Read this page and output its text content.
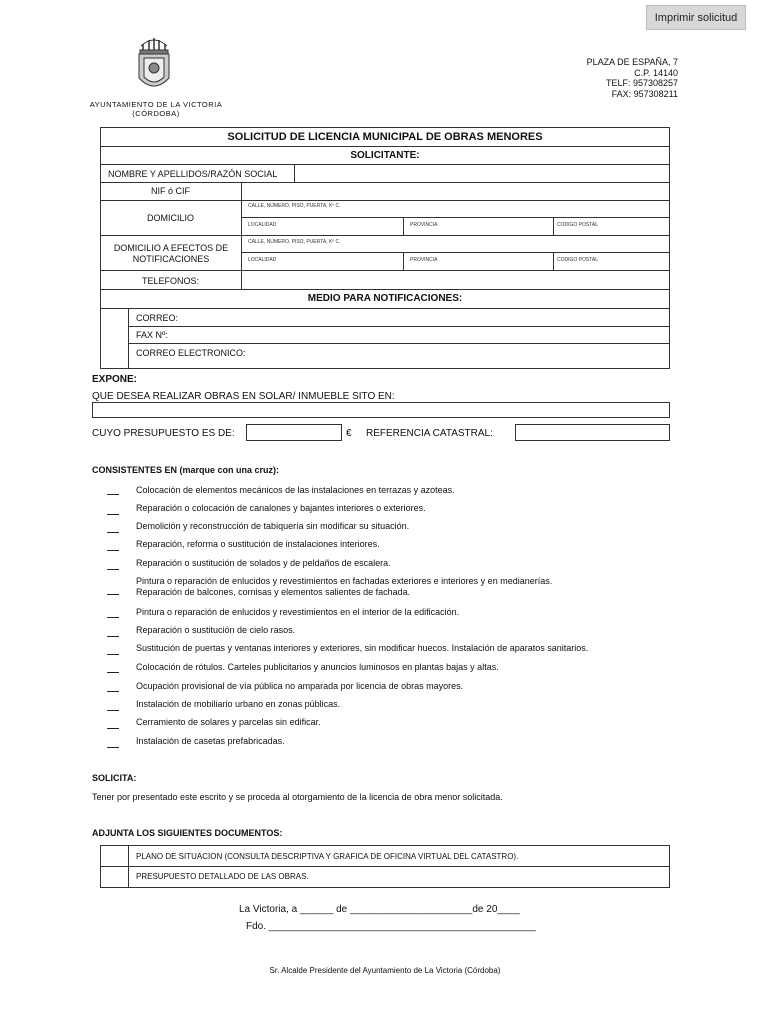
Imprimir solicitud
AYUNTAMIENTO DE LA VICTORIA
(CÓRDOBA)
PLAZA DE ESPAÑA, 7
C.P. 14140
TELF: 957308257
FAX: 957308211
SOLICITUD DE LICENCIA MUNICIPAL DE OBRAS MENORES
SOLICITANTE:
NOMBRE Y APELLIDOS/RAZÓN SOCIAL
NIF ó CIF
DOMICILIO
CALLE, NÚMERO, PISO, PUERTA, Kº C.
LOCALIDAD	PROVINCIA	CODIGO POSTAL
DOMICILIO A EFECTOS DE NOTIFICACIONES
CALLE, NÚMERO, PISO, PUERTA, Kº C.
LOCALIDAD	PROVINCIA	CODIGO POSTAL
TELEFONOS:
MEDIO PARA NOTIFICACIONES:
CORREO:
FAX Nº:
CORREO ELECTRONICO:
EXPONE:
QUE DESEA REALIZAR OBRAS EN SOLAR/ INMUEBLE SITO EN:
CUYO PRESUPUESTO ES DE:	€ REFERENCIA CATASTRAL:
CONSISTENTES EN (marque con una cruz):
Colocación de elementos mecánicos de las instalaciones en terrazas y azoteas.
Reparación o colocación de canalones y bajantes interiores o exteriores.
Demolición y reconstrucción de tabiquería sin modificar su situación.
Reparación, reforma o sustitución de instalaciones interiores.
Reparación o sustitución de solados y de peldaños de escalera.
Pintura o reparación de enlucidos y revestimientos en fachadas exteriores e interiores y en medianerías.
Reparación de balcones, cornisas y elementos salientes de fachada.
Pintura o reparación de enlucidos y revestimientos en el interior de la edificación.
Reparación o sustitución de cielo rasos.
Sustitución de puertas y ventanas interiores y exteriores, sin modificar huecos. Instalación de aparatos sanitarios.
Colocación de rótulos. Carteles publicitarios y anuncios luminosos en plantas bajas y altas.
Ocupación provisional de vía pública no amparada por licencia de obras mayores.
Instalación de mobiliario urbano en zonas públicas.
Cerramiento de solares y parcelas sin edificar.
Instalación de casetas prefabricadas.
SOLICITA:
Tener por presentado este escrito y se proceda al otorgamiento de la licencia de obra menor solicitada.
ADJUNTA LOS SIGUIENTES DOCUMENTOS:
PLANO DE SITUACION (CONSULTA DESCRIPTIVA Y GRAFICA DE OFICINA VIRTUAL DEL CATASTRO).
PRESUPUESTO DETALLADO DE LAS OBRAS.
La Victoria, a ______ de ______________________de 20____
Fdo. ________________________________________________
Sr. Alcalde Presidente del Ayuntamiento de La Victoria (Córdoba)
